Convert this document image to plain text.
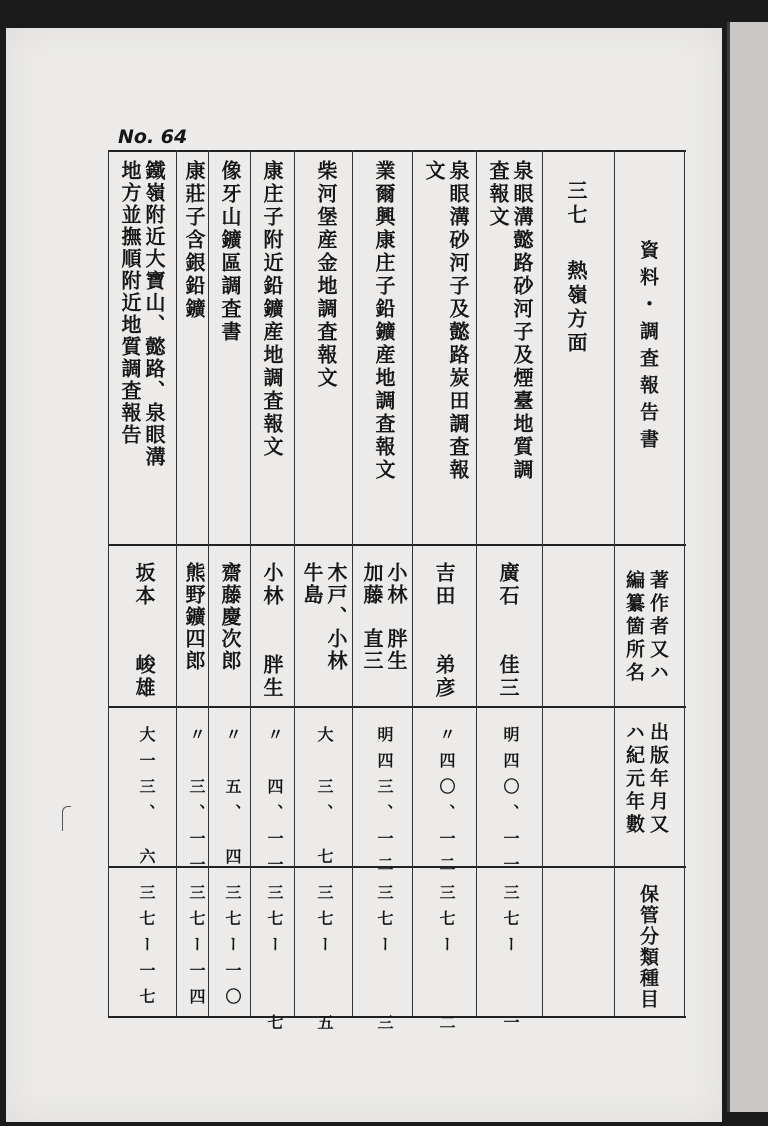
No. 64
資料・調査報告書
著作者又ハ
編纂箇所名
出版年月又
ハ紀元年數
保管分類種目
三七
熱嶺方面
泉眼溝懿路砂河子及煙臺地質調
査報文
廣石　　佳三
明四〇、一一
三七ー　　一
泉眼溝砂河子及懿路炭田調査報
文
吉田　　弟彦
〃四〇、一二
三七ー　　二
業爾興康庄子鉛鑛産地調査報文
小林　胖生
加藤　直三
明四三、一二
三七ー　　三
柴河堡産金地調査報文
木戸、小林
牛島
大　三、　七
三七ー　　五
康庄子附近鉛鑛産地調査報文
小林　　胖生
〃　四、一一
三七ー　　七
像牙山鑛區調査書
齋藤慶次郎
〃　五、　四
三七ー一〇
康莊子含銀鉛鑛
熊野鑛四郎
〃　三、一一
三七ー一四
鐵嶺附近大寶山、懿路、泉眼溝
地方並撫順附近地質調査報告
坂本　　峻雄
大一三、　六
三七ー一七
